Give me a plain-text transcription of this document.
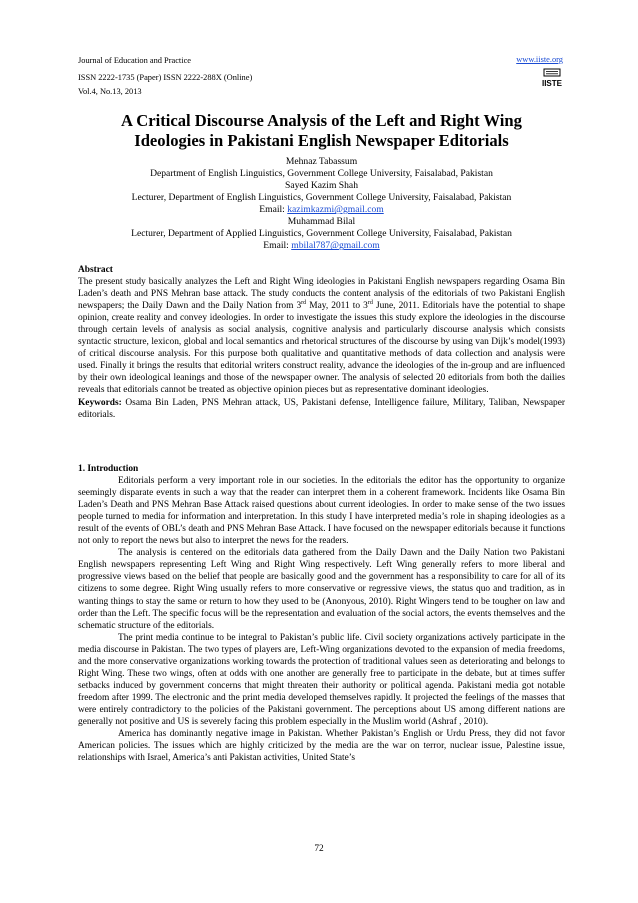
Journal of Education and Practice
ISSN 2222-1735 (Paper) ISSN 2222-288X (Online)
Vol.4, No.13, 2013
www.iiste.org
IISTE
A Critical Discourse Analysis of the Left and Right Wing
Ideologies in Pakistani English Newspaper Editorials
Mehnaz Tabassum
Department of English Linguistics, Government College University, Faisalabad, Pakistan
Sayed Kazim Shah
Lecturer, Department of English Linguistics, Government College University, Faisalabad, Pakistan
Email: kazimkazmi@gmail.com
Muhammad Bilal
Lecturer, Department of Applied Linguistics, Government College University, Faisalabad, Pakistan
Email: mbilal787@gmail.com

Abstract

The present study basically analyzes the Left and Right Wing ideologies in Pakistani English newspapers regarding Osama Bin Laden’s death and PNS Mehran base attack. The study conducts the content analysis of the editorials of two Pakistani English newspapers; the Daily Dawn and the Daily Nation from 3rd May, 2011 to 3rd June, 2011. Editorials have the potential to shape opinion, create reality and convey ideologies. In order to investigate the issues this study explore the ideologies in the discourse through certain levels of analysis as social analysis, cognitive analysis and particularly discourse analysis which consists syntactic structure, lexicon, global and local semantics and rhetorical structures of the discourse by using van Dijk’s model(1993) of critical discourse analysis. For this purpose both qualitative and quantitative methods of data collection and analysis were used. Finally it brings the results that editorial writers construct reality, advance the ideologies of the in-group and are influenced by their own ideological leanings and those of the newspaper owner. The analysis of selected 20 editorials from both the dailies reveals that editorials cannot be treated as objective opinion pieces but as representative dominant ideologies.

Keywords: Osama Bin Laden, PNS Mehran attack, US, Pakistani defense, Intelligence failure, Military, Taliban, Newspaper editorials.

1. Introduction

Editorials perform a very important role in our societies. In the editorials the editor has the opportunity to organize seemingly disparate events in such a way that the reader can interpret them in a coherent framework. Incidents like Osama Bin Laden’s Death and PNS Mehran Base Attack raised questions about current ideologies. In order to make sense of the two issues people turned to media for information and interpretation. In this study I have interpreted media’s role in shaping ideologies as a result of the events of OBL’s death and PNS Mehran Base Attack. I have focused on the newspaper editorials because it functions not only to report the news but also to interpret the news for the readers.

The analysis is centered on the editorials data gathered from the Daily Dawn and the Daily Nation two Pakistani English newspapers representing Left Wing and Right Wing respectively. Left Wing generally refers to more liberal and progressive views based on the belief that people are basically good and the government has a responsibility to care for all of its citizens to some degree. Right Wing usually refers to more conservative or regressive views, the status quo and tradition, as in wanting things to stay the same or return to how they used to be (Anonyous, 2010). Right Wingers tend to be tougher on law and order than the Left. The specific focus will be the representation and evaluation of the social actors, the events themselves and the schematic structure of the editorials.

The print media continue to be integral to Pakistan’s public life. Civil society organizations actively participate in the media discourse in Pakistan. The two types of players are, Left-Wing organizations devoted to the expansion of media freedoms, and the more conservative organizations working towards the protection of traditional values seen as deteriorating and belongs to Right Wing. These two wings, often at odds with one another are generally free to participate in the debate, but at times suffer setbacks induced by government concerns that might threaten their authority or political agenda. Pakistani media got notable freedom after 1999. The electronic and the print media developed themselves rapidly. It projected the feelings of the masses that were entirely contradictory to the policies of the Pakistani government. The perceptions about US among different nations are generally not positive and US is severely facing this problem especially in the Muslim world (Ashraf , 2010).

America has dominantly negative image in Pakistan. Whether Pakistan’s English or Urdu Press, they did not favor American policies. The issues which are highly criticized by the media are the war on terror, nuclear issue, Palestine issue, relationships with Israel, America’s anti Pakistan activities, United State’s

72
